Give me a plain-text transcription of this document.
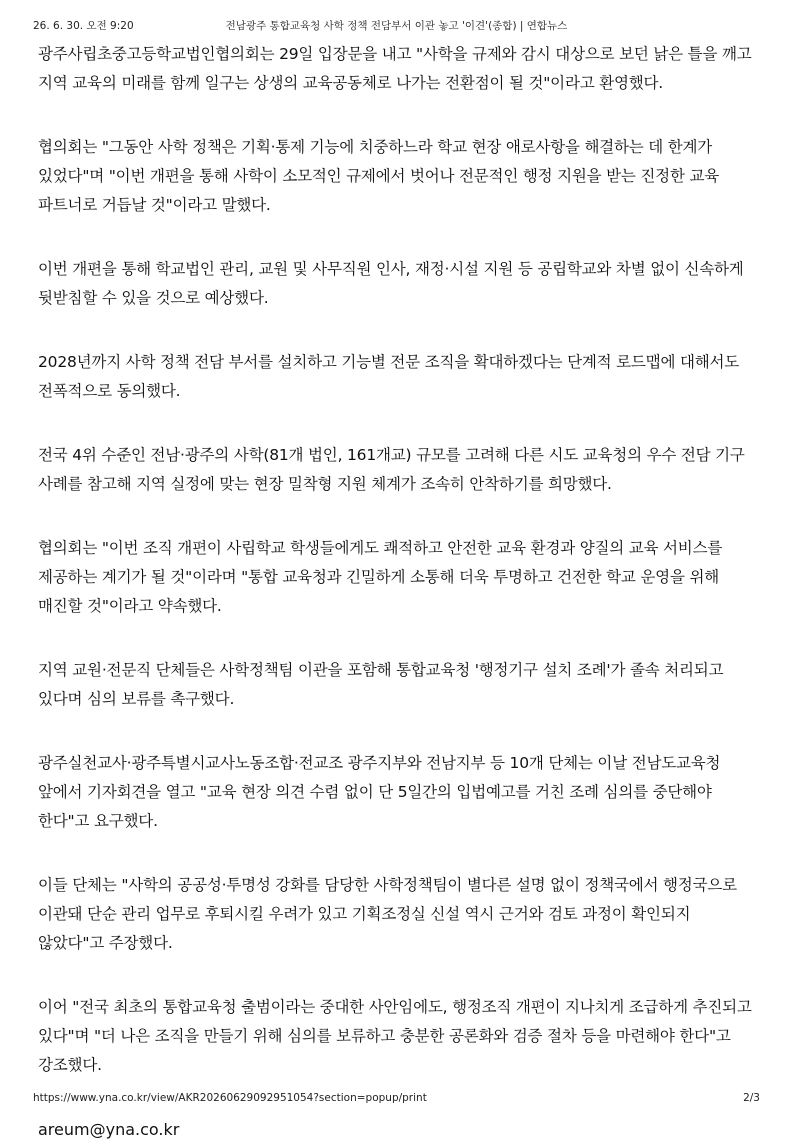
26. 6. 30. 오전 9:20	전남광주 통합교육청 사학 정책 전담부서 이관 놓고 '이견'(종합) | 연합뉴스

광주사립초중고등학교법인협의회는 29일 입장문을 내고 "사학을 규제와 감시 대상으로 보던 낡은 틀을 깨고 지역 교육의 미래를 함께 일구는 상생의 교육공동체로 나가는 전환점이 될 것"이라고 환영했다.

협의회는 "그동안 사학 정책은 기획·통제 기능에 치중하느라 학교 현장 애로사항을 해결하는 데 한계가 있었다"며 "이번 개편을 통해 사학이 소모적인 규제에서 벗어나 전문적인 행정 지원을 받는 진정한 교육 파트너로 거듭날 것"이라고 말했다.

이번 개편을 통해 학교법인 관리, 교원 및 사무직원 인사, 재정·시설 지원 등 공립학교와 차별 없이 신속하게 뒷받침할 수 있을 것으로 예상했다.

2028년까지 사학 정책 전담 부서를 설치하고 기능별 전문 조직을 확대하겠다는 단계적 로드맵에 대해서도 전폭적으로 동의했다.

전국 4위 수준인 전남·광주의 사학(81개 법인, 161개교) 규모를 고려해 다른 시도 교육청의 우수 전담 기구 사례를 참고해 지역 실정에 맞는 현장 밀착형 지원 체계가 조속히 안착하기를 희망했다.

협의회는 "이번 조직 개편이 사립학교 학생들에게도 쾌적하고 안전한 교육 환경과 양질의 교육 서비스를 제공하는 계기가 될 것"이라며 "통합 교육청과 긴밀하게 소통해 더욱 투명하고 건전한 학교 운영을 위해 매진할 것"이라고 약속했다.

지역 교원·전문직 단체들은 사학정책팀 이관을 포함해 통합교육청 '행정기구 설치 조례'가 졸속 처리되고 있다며 심의 보류를 촉구했다.

광주실천교사·광주특별시교사노동조합·전교조 광주지부와 전남지부 등 10개 단체는 이날 전남도교육청 앞에서 기자회견을 열고 "교육 현장 의견 수렴 없이 단 5일간의 입법예고를 거친 조례 심의를 중단해야 한다"고 요구했다.

이들 단체는 "사학의 공공성·투명성 강화를 담당한 사학정책팀이 별다른 설명 없이 정책국에서 행정국으로 이관돼 단순 관리 업무로 후퇴시킬 우려가 있고 기획조정실 신설 역시 근거와 검토 과정이 확인되지 않았다"고 주장했다.

이어 "전국 최초의 통합교육청 출범이라는 중대한 사안임에도, 행정조직 개편이 지나치게 조급하게 추진되고 있다"며 "더 나은 조직을 만들기 위해 심의를 보류하고 충분한 공론화와 검증 절차 등을 마련해야 한다"고 강조했다.

areum@yna.co.kr

https://www.yna.co.kr/view/AKR20260629092951054?section=popup/print	2/3
